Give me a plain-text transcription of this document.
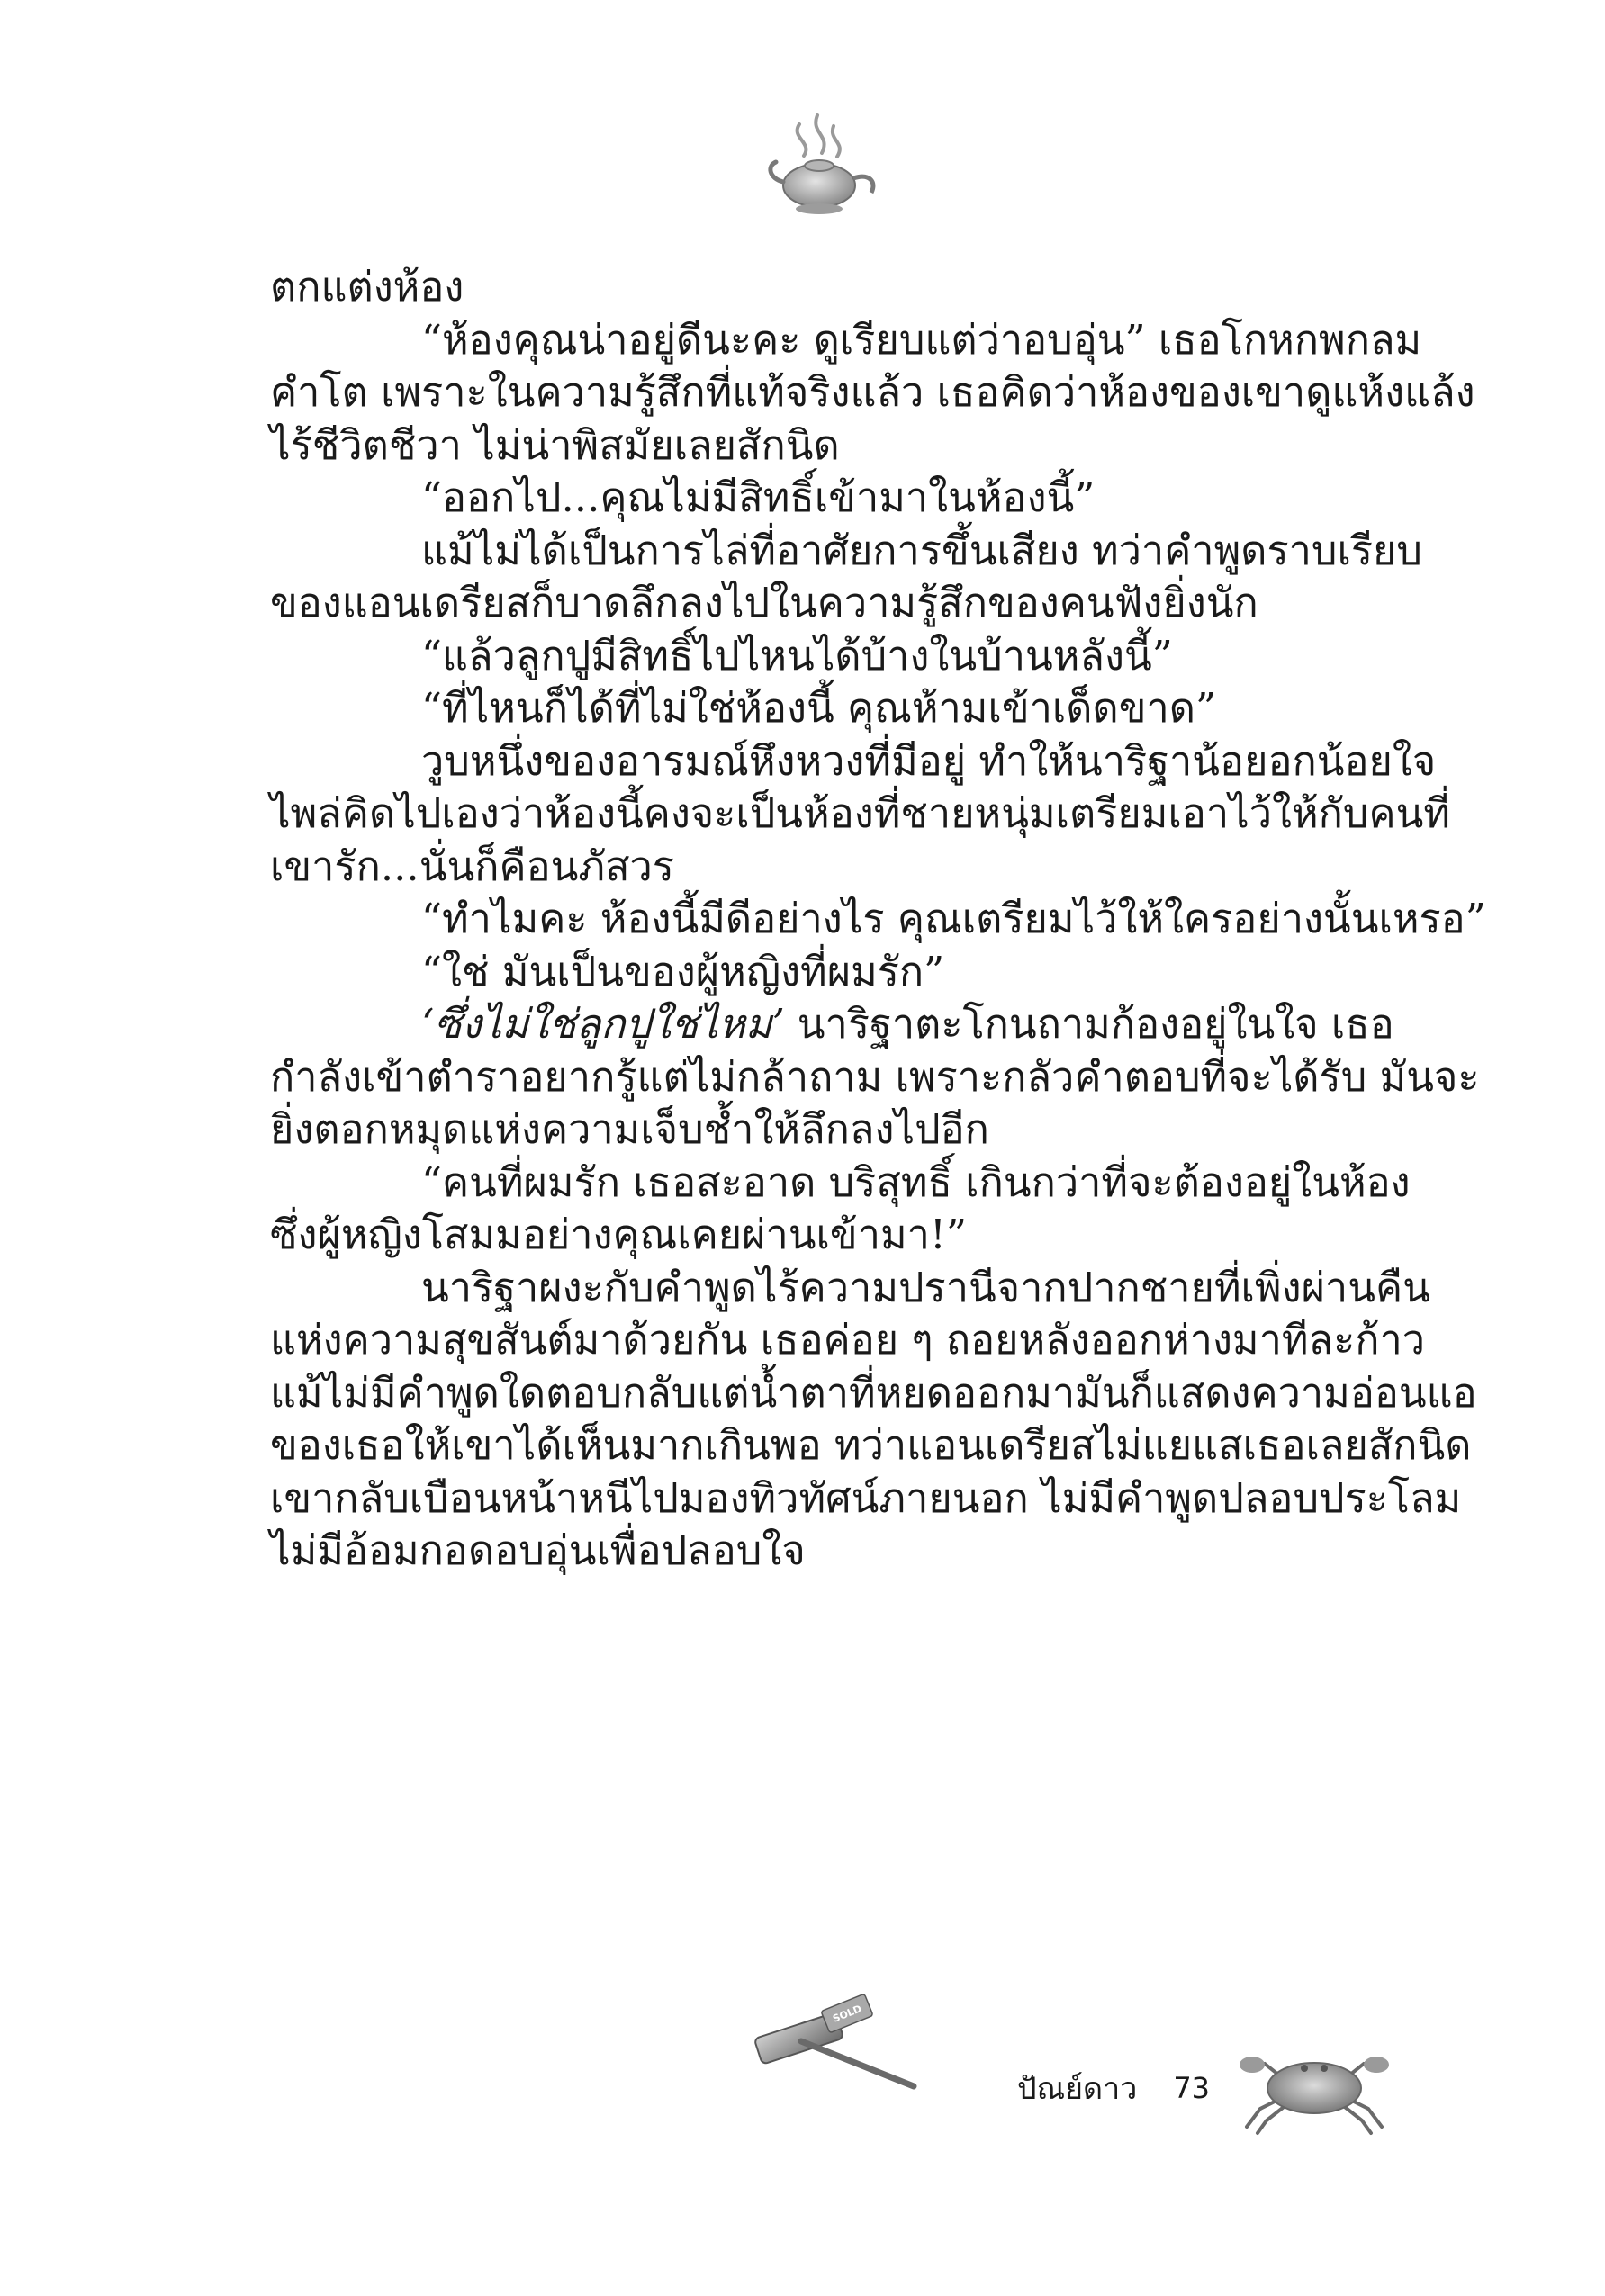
ตกแต่งห้อง
“ห้องคุณน่าอยู่ดีนะคะ ดูเรียบแต่ว่าอบอุ่น” เธอโกหกพกลม
คำโต เพราะในความรู้สึกที่แท้จริงแล้ว เธอคิดว่าห้องของเขาดูแห้งแล้ง
ไร้ชีวิตชีวา ไม่น่าพิสมัยเลยสักนิด
“ออกไป...คุณไม่มีสิทธิ์เข้ามาในห้องนี้”
แม้ไม่ได้เป็นการไล่ที่อาศัยการขึ้นเสียง ทว่าคำพูดราบเรียบ
ของแอนเดรียสก็บาดลึกลงไปในความรู้สึกของคนฟังยิ่งนัก
“แล้วลูกปูมีสิทธิ์ไปไหนได้บ้างในบ้านหลังนี้”
“ที่ไหนก็ได้ที่ไม่ใช่ห้องนี้ คุณห้ามเข้าเด็ดขาด”
วูบหนึ่งของอารมณ์หึงหวงที่มีอยู่ ทำให้นาริฐาน้อยอกน้อยใจ
ไพล่คิดไปเองว่าห้องนี้คงจะเป็นห้องที่ชายหนุ่มเตรียมเอาไว้ให้กับคนที่
เขารัก...นั่นก็คือนภัสวร
“ทำไมคะ ห้องนี้มีดีอย่างไร คุณเตรียมไว้ให้ใครอย่างนั้นเหรอ”
“ใช่ มันเป็นของผู้หญิงที่ผมรัก”
‘ซึ่งไม่ใช่ลูกปูใช่ไหม’ นาริฐาตะโกนถามก้องอยู่ในใจ เธอ
กำลังเข้าตำราอยากรู้แต่ไม่กล้าถาม เพราะกลัวคำตอบที่จะได้รับ มันจะ
ยิ่งตอกหมุดแห่งความเจ็บช้ำให้ลึกลงไปอีก
“คนที่ผมรัก เธอสะอาด บริสุทธิ์ เกินกว่าที่จะต้องอยู่ในห้อง
ซึ่งผู้หญิงโสมมอย่างคุณเคยผ่านเข้ามา!”
นาริฐาผงะกับคำพูดไร้ความปรานีจากปากชายที่เพิ่งผ่านคืน
แห่งความสุขสันต์มาด้วยกัน เธอค่อย ๆ ถอยหลังออกห่างมาทีละก้าว
แม้ไม่มีคำพูดใดตอบกลับแต่น้ำตาที่หยดออกมามันก็แสดงความอ่อนแอ
ของเธอให้เขาได้เห็นมากเกินพอ ทว่าแอนเดรียสไม่แยแสเธอเลยสักนิด
เขากลับเบือนหน้าหนีไปมองทิวทัศน์ภายนอก ไม่มีคำพูดปลอบประโลม
ไม่มีอ้อมกอดอบอุ่นเพื่อปลอบใจ
SOLD
ปัณย์ดาว 73
